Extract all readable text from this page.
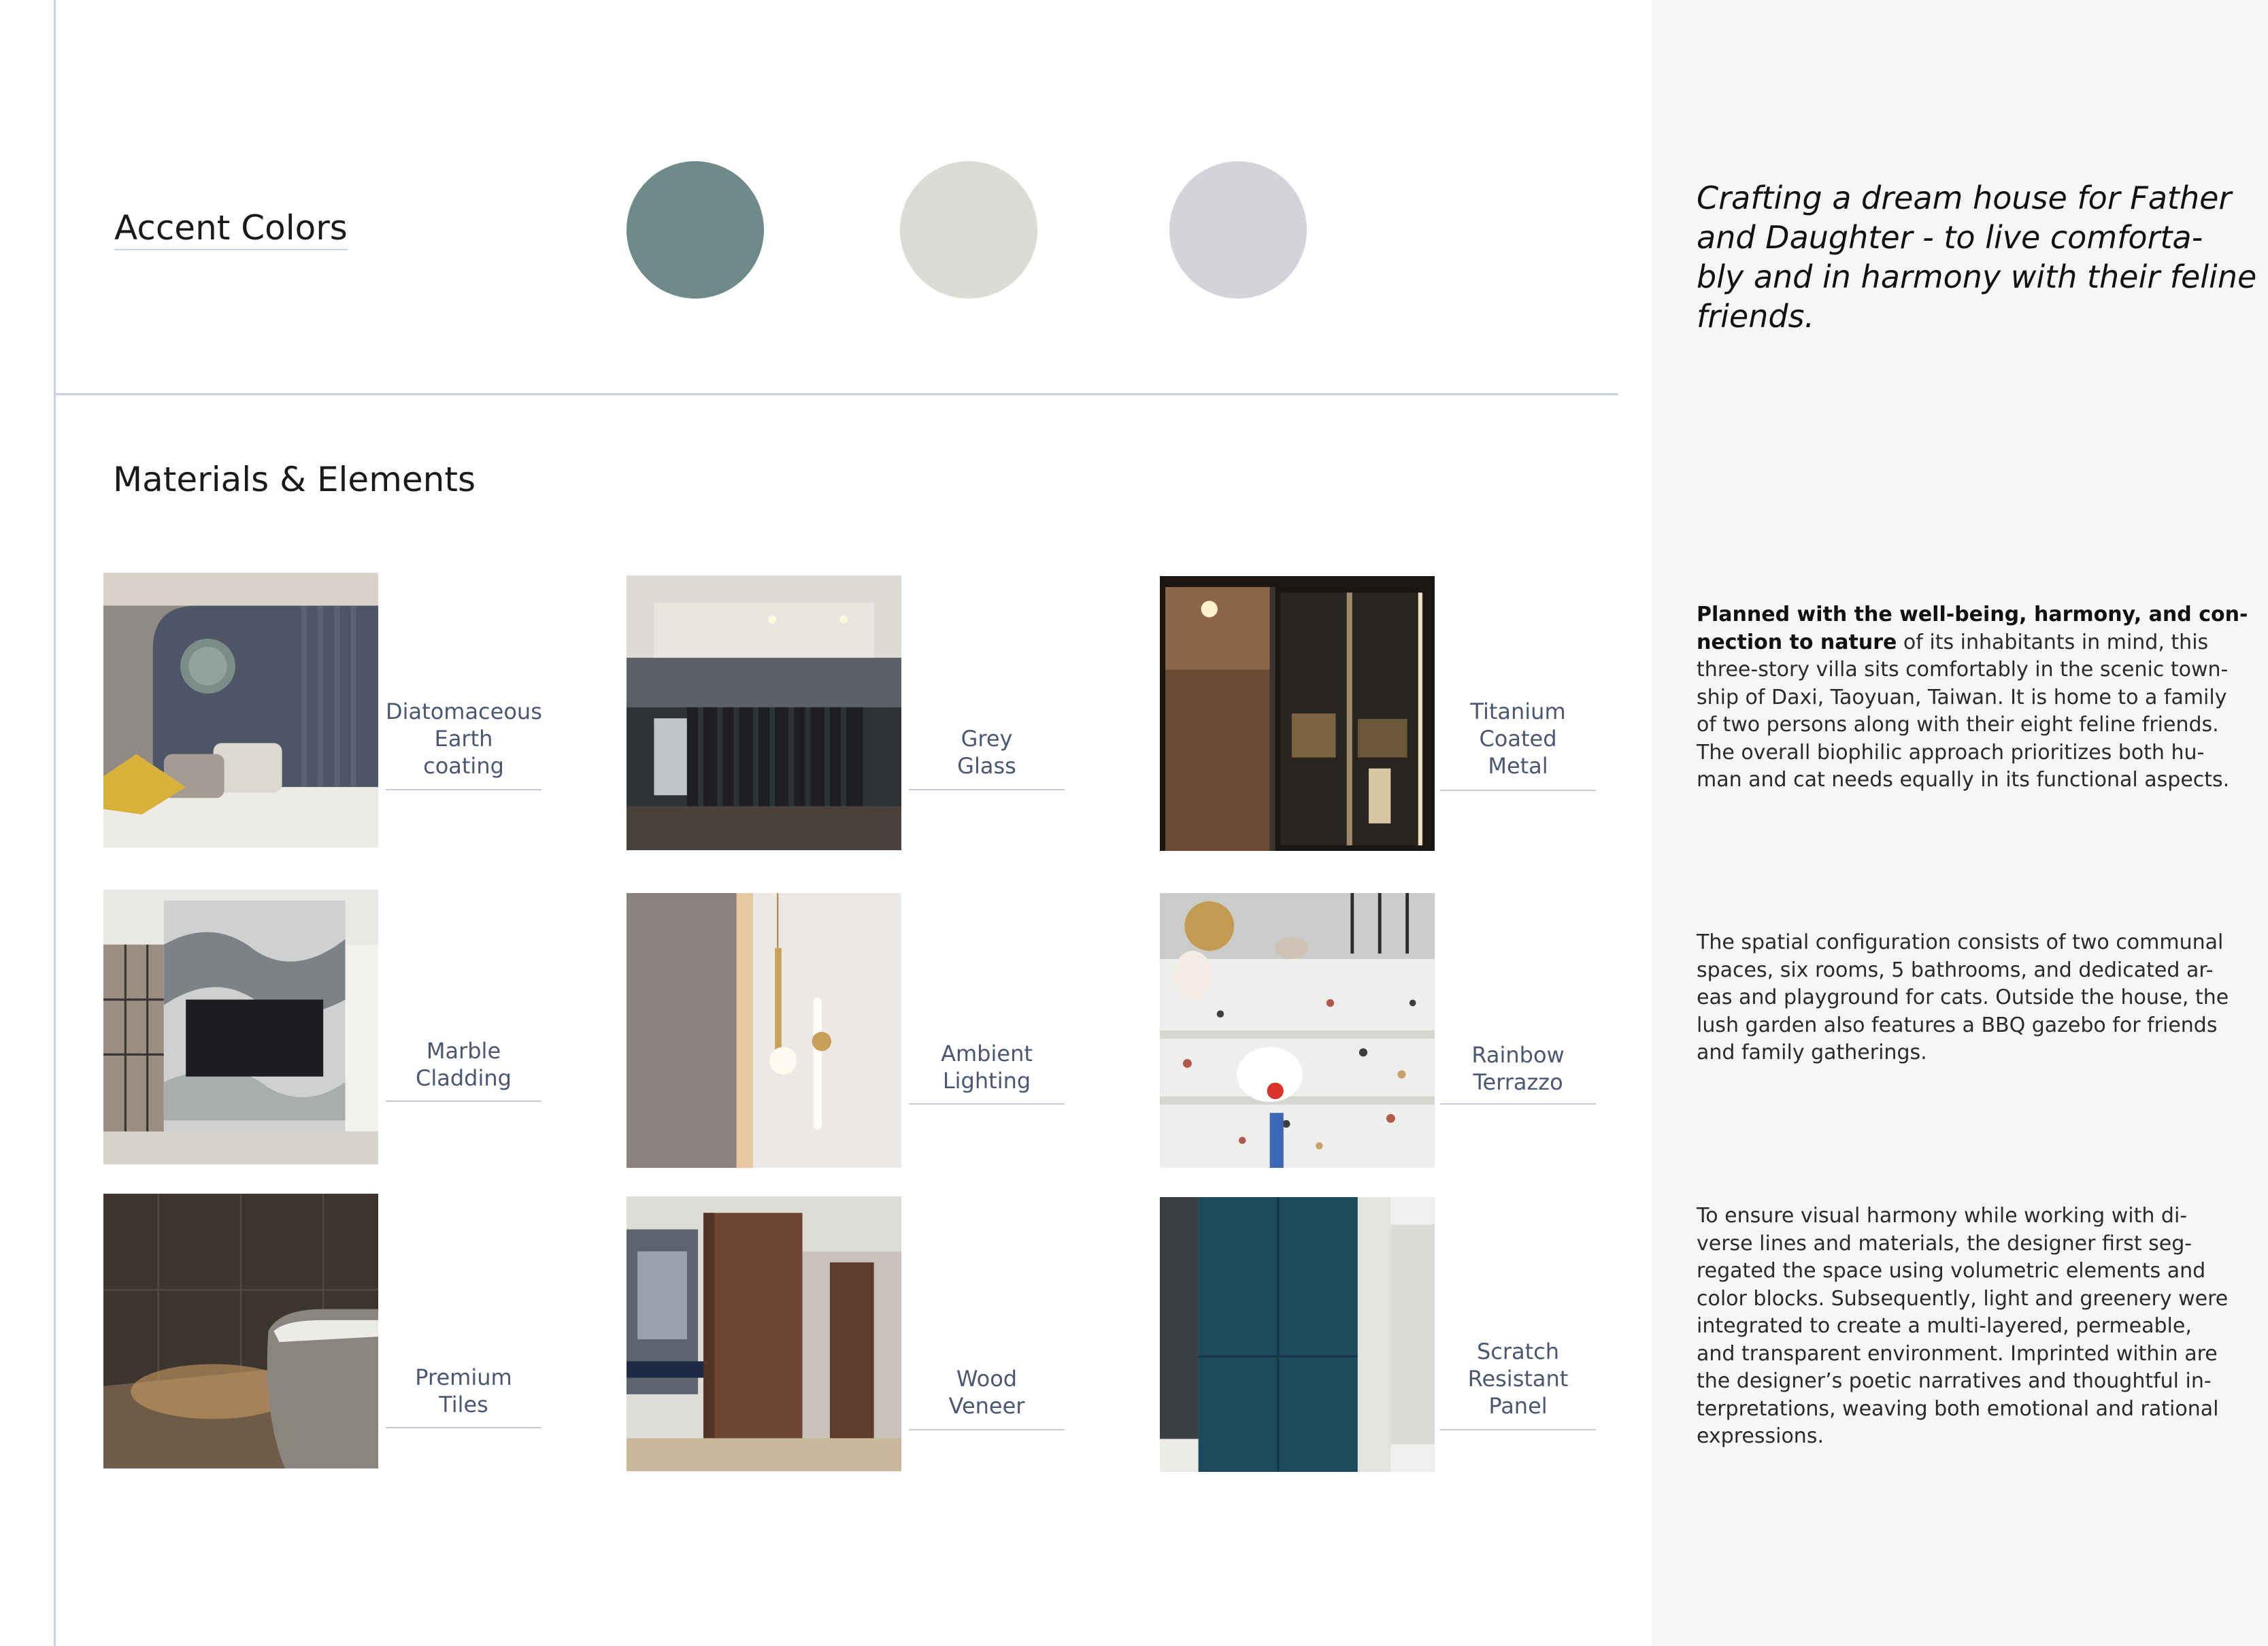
Accent Colors
Materials & Elements
Diatomaceous
Earth
coating
Grey
Glass
Titanium
Coated
Metal
Marble
Cladding
Ambient
Lighting
Rainbow
Terrazzo
Premium
Tiles
Wood
Veneer
Scratch
Resistant
Panel
Crafting a dream house for Father
and Daughter - to live comforta-
bly and in harmony with their feline
friends.
Planned with the well-being, harmony, and con-
nection to nature of its inhabitants in mind, this
three-story villa sits comfortably in the scenic town-
ship of Daxi, Taoyuan, Taiwan. It is home to a family
of two persons along with their eight feline friends.
The overall biophilic approach prioritizes both hu-
man and cat needs equally in its functional aspects.
The spatial configuration consists of two communal
spaces, six rooms, 5 bathrooms, and dedicated ar-
eas and playground for cats. Outside the house, the
lush garden also features a BBQ gazebo for friends
and family gatherings.
To ensure visual harmony while working with di-
verse lines and materials, the designer first seg-
regated the space using volumetric elements and
color blocks. Subsequently, light and greenery were
integrated to create a multi-layered, permeable,
and transparent environment. Imprinted within are
the designer’s poetic narratives and thoughtful in-
terpretations, weaving both emotional and rational
expressions.
